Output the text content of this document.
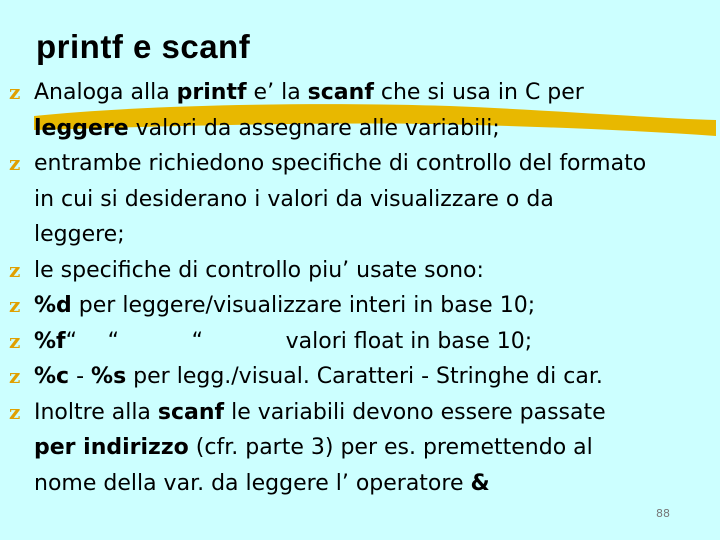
printf e scanf
z Analoga alla printf e’ la scanf che si usa in C per
leggere valori da assegnare alle variabili;
z entrambe richiedono specifiche di controllo del formato
in cui si desiderano i valori da visualizzare o da
leggere;
z le specifiche di controllo piu’ usate sono:
z %d per leggere/visualizzare interi in base 10;
z %f“ “	“	valori float in base 10;
z %c - %s per legg./visual. Caratteri - Stringhe di car.
z Inoltre alla scanf le variabili devono essere passate
per indirizzo (cfr. parte 3) per es. premettendo al
nome della var. da leggere l’ operatore &
88
